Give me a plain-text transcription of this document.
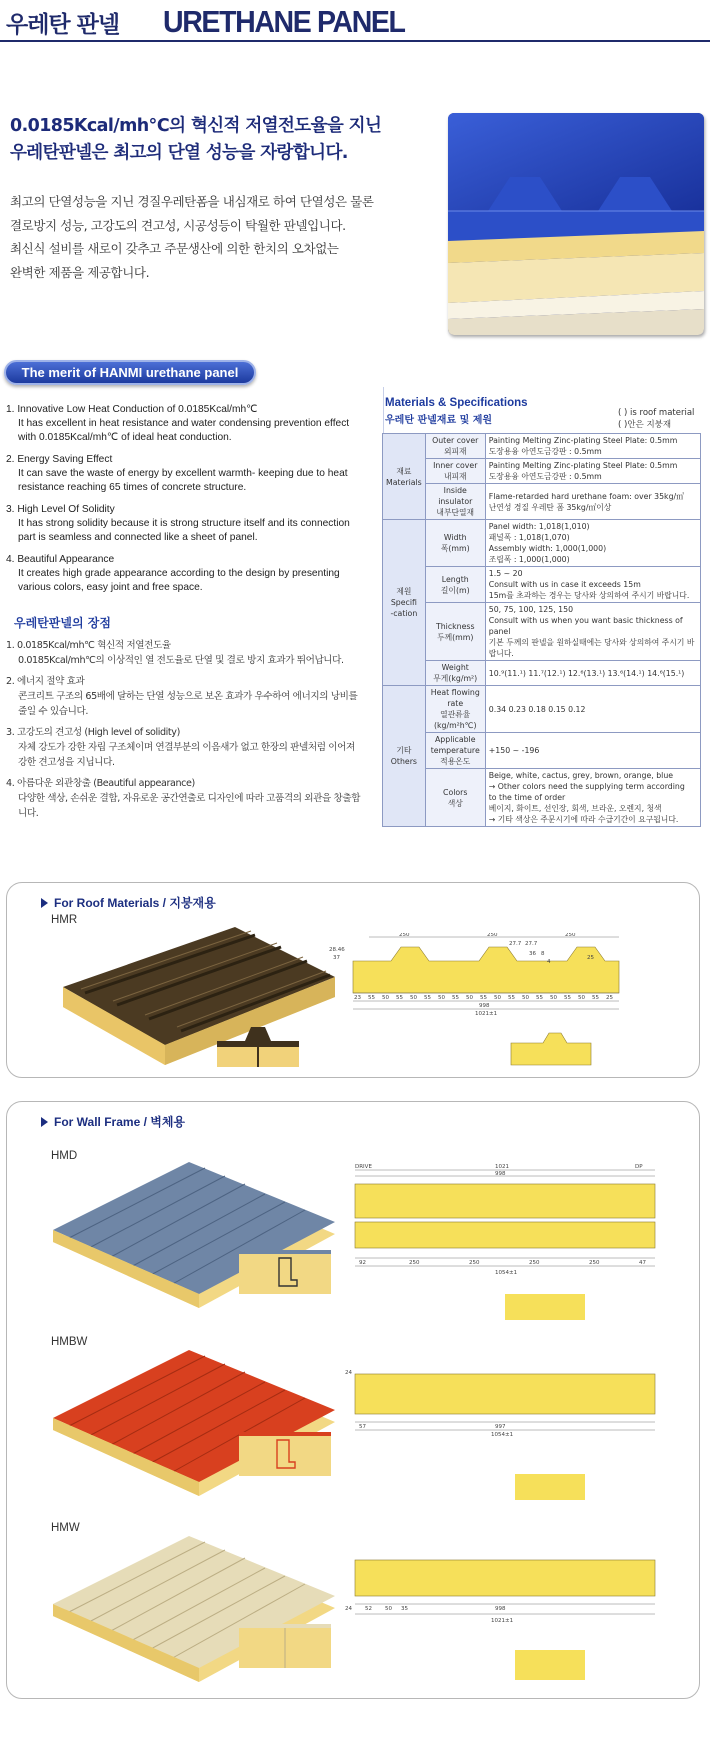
우레탄 판넬 URETHANE PANEL
0.0185Kcal/mh℃의 혁신적 저열전도율을 지닌
우레탄판넬은 최고의 단열 성능을 자랑합니다.
최고의 단열성능을 지닌 경질우레탄폼을 내심재로 하여 단열성은 물론
결로방지 성능, 고강도의 견고성, 시공성등이 탁월한 판넬입니다.
최신식 설비를 새로이 갖추고 주문생산에 의한 한치의 오차없는
완벽한 제품을 제공합니다.
The merit of HANMI urethane panel
1. Innovative Low Heat Conduction of 0.0185Kcal/mh℃
It has excellent in heat resistance and water condensing prevention effect with 0.0185Kcal/mh℃ of ideal heat conduction.
2. Energy Saving Effect
It can save the waste of energy by excellent warmth- keeping due to heat resistance reaching 65 times of concrete structure.
3. High Level Of Solidity
It has strong solidity because it is strong structure itself and its connection part is seamless and connected like a sheet of panel.
4. Beautiful Appearance
It creates high grade appearance according to the design by presenting various colors, easy joint and free space.
우레탄판넬의 장점
1. 0.0185Kcal/mh℃ 혁신적 저열전도율
0.0185Kcal/mh℃의 이상적인 열 전도율로 단열 및 결로 방지 효과가 뛰어납니다.
2. 에너지 절약 효과
콘크리트 구조의 65배에 달하는 단열 성능으로 보온 효과가 우수하여 에너지의 낭비를 줄일 수 있습니다.
3. 고강도의 견고성 (High level of solidity)
자체 강도가 강한 자립 구조체이며 연결부분의 이음새가 없고 한장의 판넬처럼 이어져 강한 견고성을 지닙니다.
4. 아름다운 외관창출 (Beautiful appearance)
다양한 색상, 손쉬운 결합, 자유로운 공간연출로 디자인에 따라 고품격의 외관을 창출합니다.
Materials & Specifications
우레탄 판넬재료 및 제원
( ) is roof material
( )안은 지붕재
재료
Materials	Outer cover
외피재	Painting Melting Zinc-plating Steel Plate: 0.5mm
도장용융 아연도금강판 : 0.5mm
	Inner cover
내피재	Painting Melting Zinc-plating Steel Plate: 0.5mm
도장용융 아연도금강판 : 0.5mm
	Inside insulator
내부단열재	Flame-retarded hard urethane foam: over 35kg/㎥
난연성 경질 우레탄 폼 35kg/㎥이상
제원
Specifi
-cation	Width
폭(mm)	Panel width: 1,018(1,010)
패널폭 : 1,018(1,070)
Assembly width: 1,000(1,000)
조립폭 : 1,000(1,000)
	Length
길이(m)	1.5 ~ 20
Consult with us in case it exceeds 15m
15m를 초과하는 경우는 당사와 상의하여 주시기 바랍니다.
	Thickness
두께(mm)	50, 75, 100, 125, 150
Consult with us when you want basic thickness of panel
기본 두께의 판넬을 원하실때에는 당사와 상의하여 주시기 바랍니다.
	Weight
무게(kg/m²)	10.⁹(11.¹) 11.⁷(12.¹) 12.⁶(13.¹) 13.⁶(14.¹) 14.⁶(15.¹)
기타
Others	Heat flowing rate
열관류율(kg/m²h℃)	0.34 0.23 0.18 0.15 0.12
	Applicable
temperature
적용온도	+150 ~ -196
	Colors
색상	Beige, white, cactus, grey, brown, orange, blue
→ Other colors need the supplying term according
to the time of order
베이지, 화이트, 선인장, 회색, 브라운, 오렌지, 청색
→ 기타 색상은 주문시기에 따라 수급기간이 요구됩니다.
For Roof Materials / 지붕재용
HMR
250	250	250
28.46
37
27.7 27.7
36 8
4
25
23 55 50 55 50 55 50 55 50 55 50 55 50 55 50 55 50 55 25
998
1021±1
For Wall Frame / 벽체용
HMD
DRIVE	1021
998
DP
92	250	250	250	250	47
1054±1
HMBW
24
57	997
1054±1
HMW
24 52 50 35	998
1021±1
